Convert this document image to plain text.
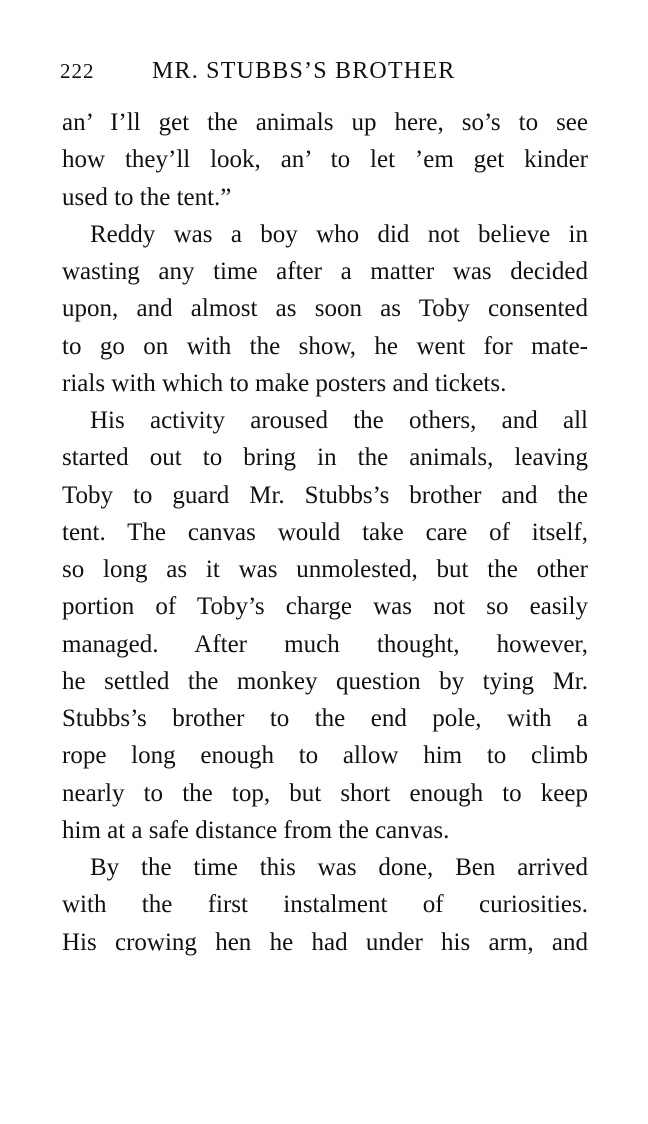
222 MR. STUBBS’S BROTHER
an’ I’ll get the animals up here, so’s to see
how they’ll look, an’ to let ’em get kinder
used to the tent.”
Reddy was a boy who did not believe in
wasting any time after a matter was decided
upon, and almost as soon as Toby consented
to go on with the show, he went for mate-
rials with which to make posters and tickets.
His activity aroused the others, and all
started out to bring in the animals, leaving
Toby to guard Mr. Stubbs’s brother and the
tent. The canvas would take care of itself,
so long as it was unmolested, but the other
portion of Toby’s charge was not so easily
managed. After much thought, however,
he settled the monkey question by tying Mr.
Stubbs’s brother to the end pole, with a
rope long enough to allow him to climb
nearly to the top, but short enough to keep
him at a safe distance from the canvas.
By the time this was done, Ben arrived
with the first instalment of curiosities.
His crowing hen he had under his arm, and
